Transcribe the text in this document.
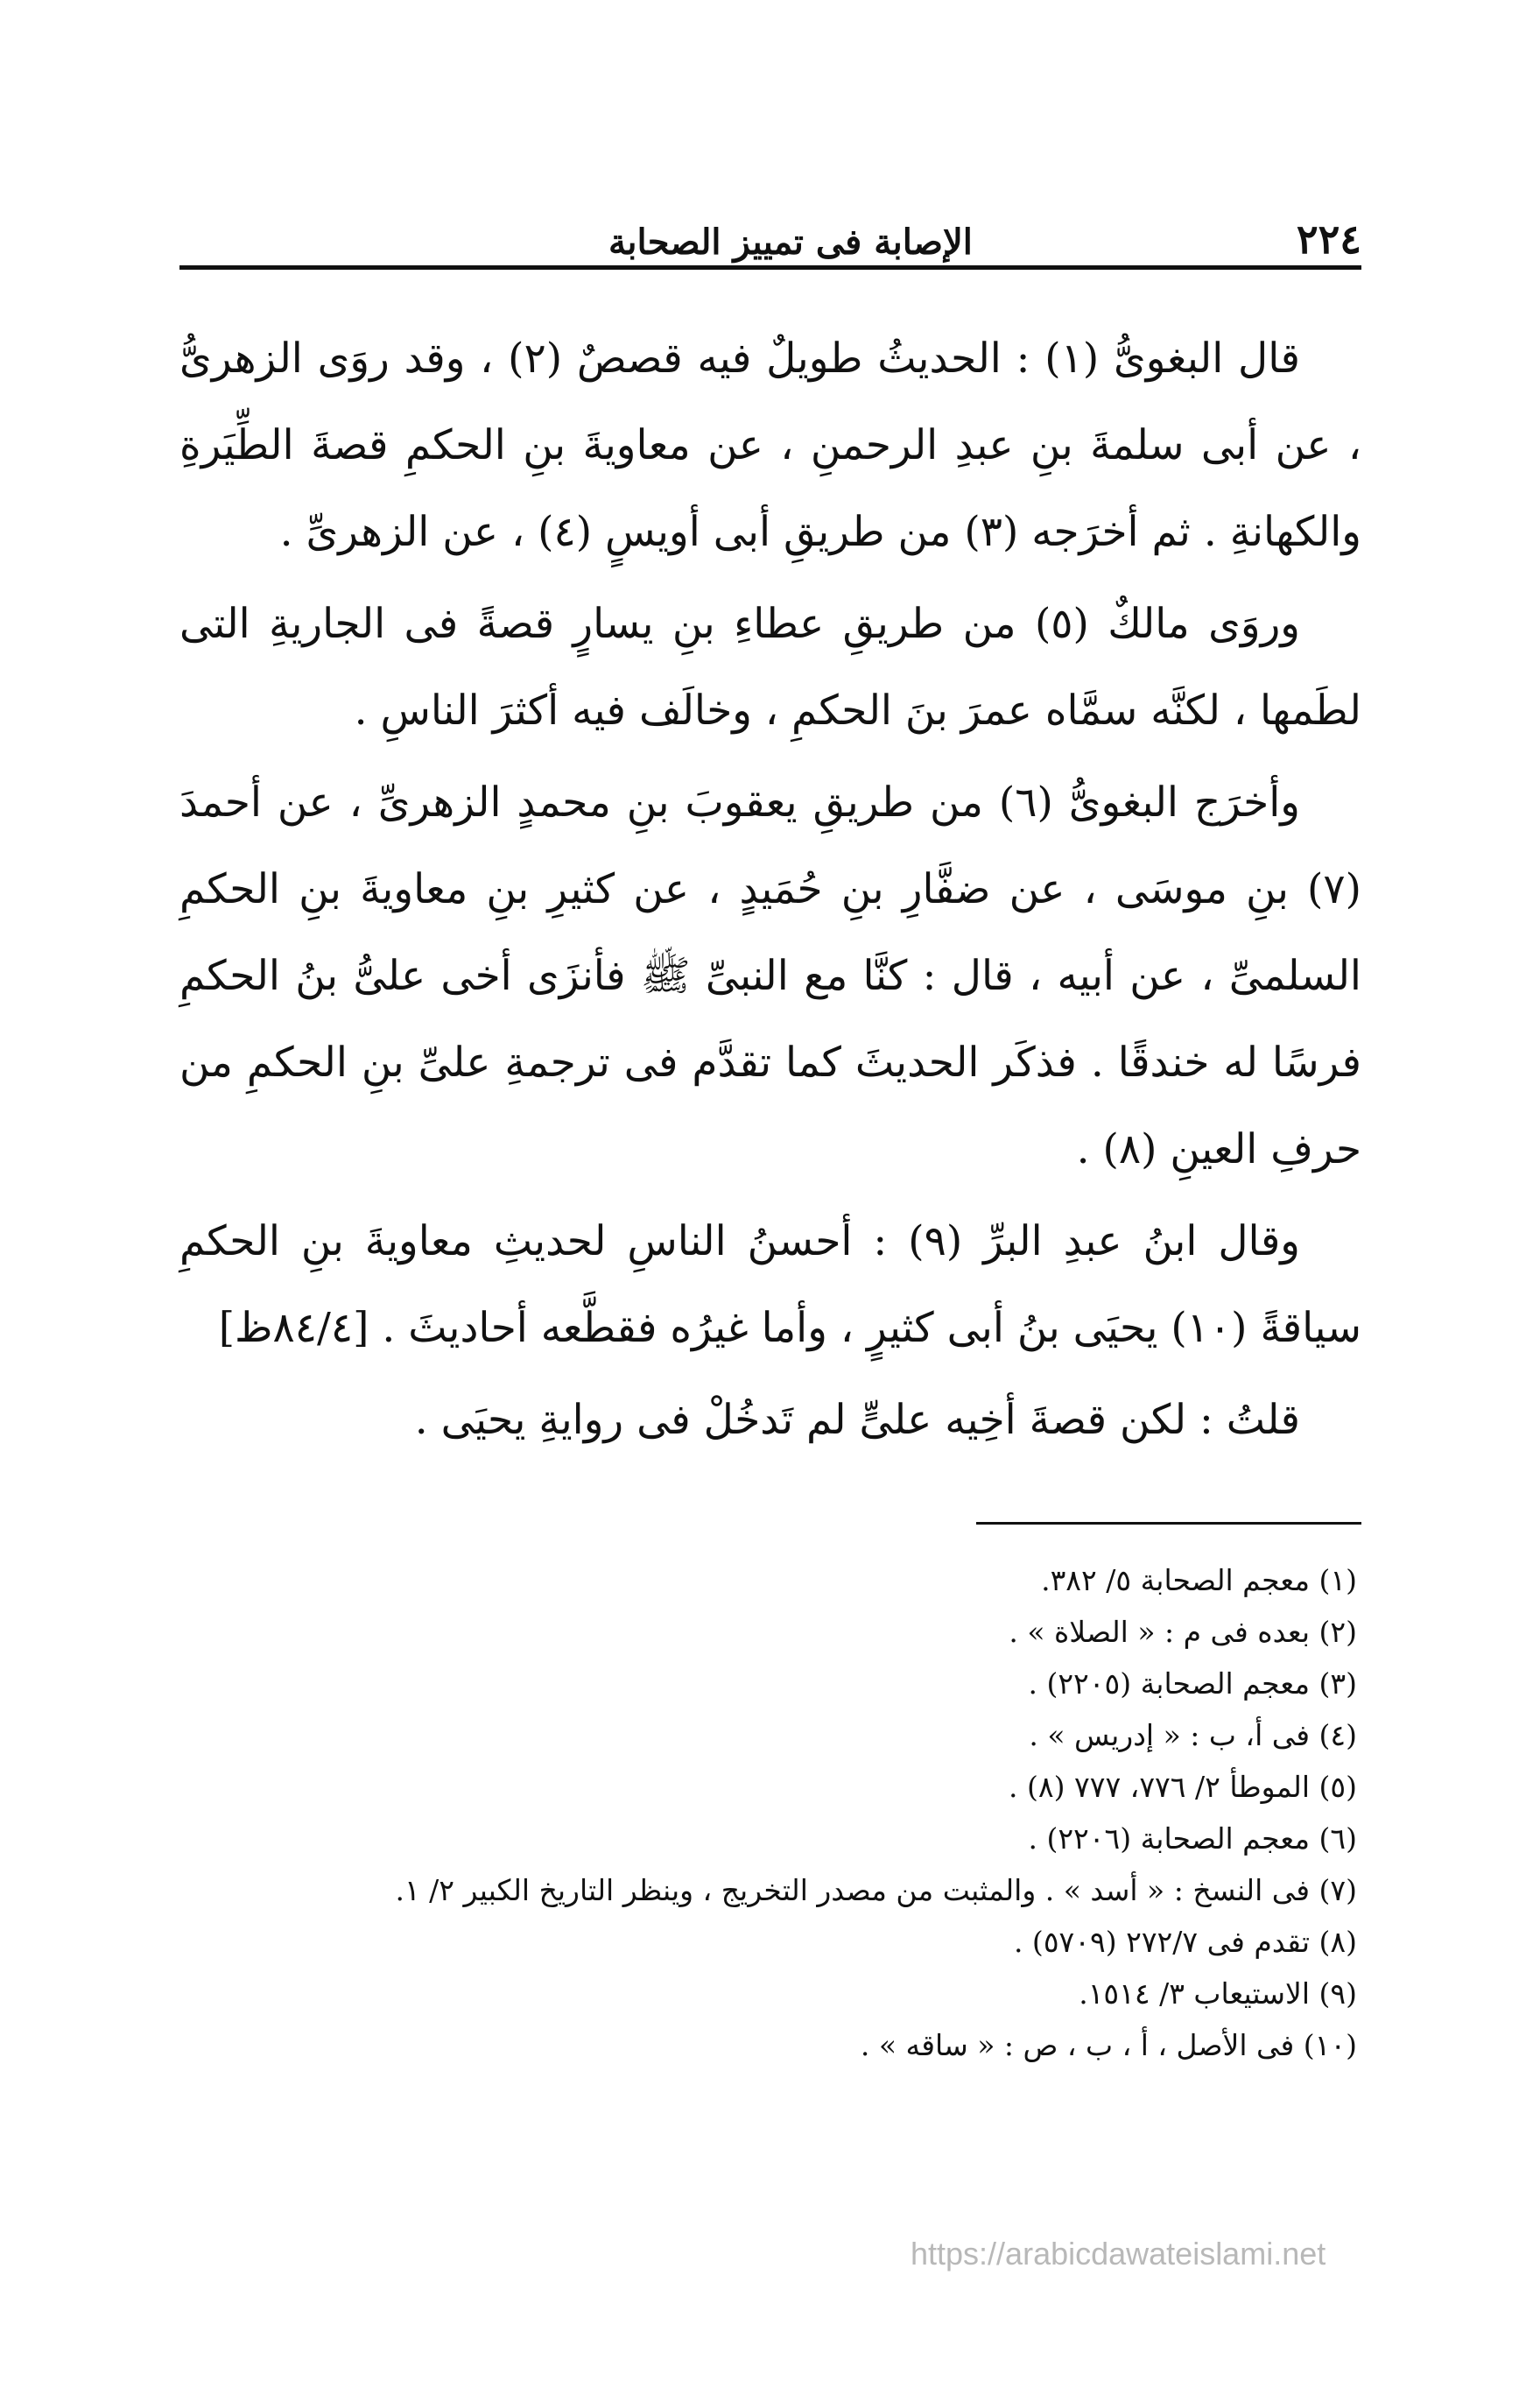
٢٢٤
الإصابة فى تمييز الصحابة

قال البغوىُّ (١) : الحديثُ طويلٌ فيه قصصٌ (٢) ، وقد روَى الزهرىُّ ، عن أبى سلمةَ بنِ عبدِ الرحمنِ ، عن معاويةَ بنِ الحكمِ قصةَ الطِّيَرةِ والكهانةِ . ثم أخرَجه (٣) من طريقِ أبى أويسٍ (٤) ، عن الزهرىِّ .

وروَى مالكٌ (٥) من طريقِ عطاءِ بنِ يسارٍ قصةً فى الجاريةِ التى لطَمها ، لكنَّه سمَّاه عمرَ بنَ الحكمِ ، وخالَف فيه أكثرَ الناسِ .

وأخرَج البغوىُّ (٦) من طريقِ يعقوبَ بنِ محمدٍ الزهرىِّ ، عن أحمدَ (٧) بنِ موسَى ، عن ضفَّارِ بنِ حُمَيدٍ ، عن كثيرِ بنِ معاويةَ بنِ الحكمِ السلمىِّ ، عن أبيه ، قال : كنَّا مع النبىِّ ﷺ فأنزَى أخى علىُّ بنُ الحكمِ فرسًا له خندقًا . فذكَر الحديثَ كما تقدَّم فى ترجمةِ علىِّ بنِ الحكمِ من حرفِ العينِ (٨) .

وقال ابنُ عبدِ البرِّ (٩) : أحسنُ الناسِ لحديثِ معاويةَ بنِ الحكمِ سياقةً (١٠) يحيَى بنُ أبى كثيرٍ ، وأما غيرُه فقطَّعه أحاديثَ . [٨٤/٤ظ]

قلتُ : لكن قصةَ أخِيه علىٍّ لم تَدخُلْ فى روايةِ يحيَى .

(١) معجم الصحابة ٥/ ٣٨٢.
(٢) بعده فى م : « الصلاة » .
(٣) معجم الصحابة (٢٢٠٥) .
(٤) فى أ، ب : « إدريس » .
(٥) الموطأ ٢/ ٧٧٦، ٧٧٧ (٨) .
(٦) معجم الصحابة (٢٢٠٦) .
(٧) فى النسخ : « أسد » . والمثبت من مصدر التخريج ، وينظر التاريخ الكبير ٢/ ١.
(٨) تقدم فى ٢٧٢/٧ (٥٧٠٩) .
(٩) الاستيعاب ٣/ ١٥١٤.
(١٠) فى الأصل ، أ ، ب ، ص : « ساقه » .
https://arabicdawateislami.net
